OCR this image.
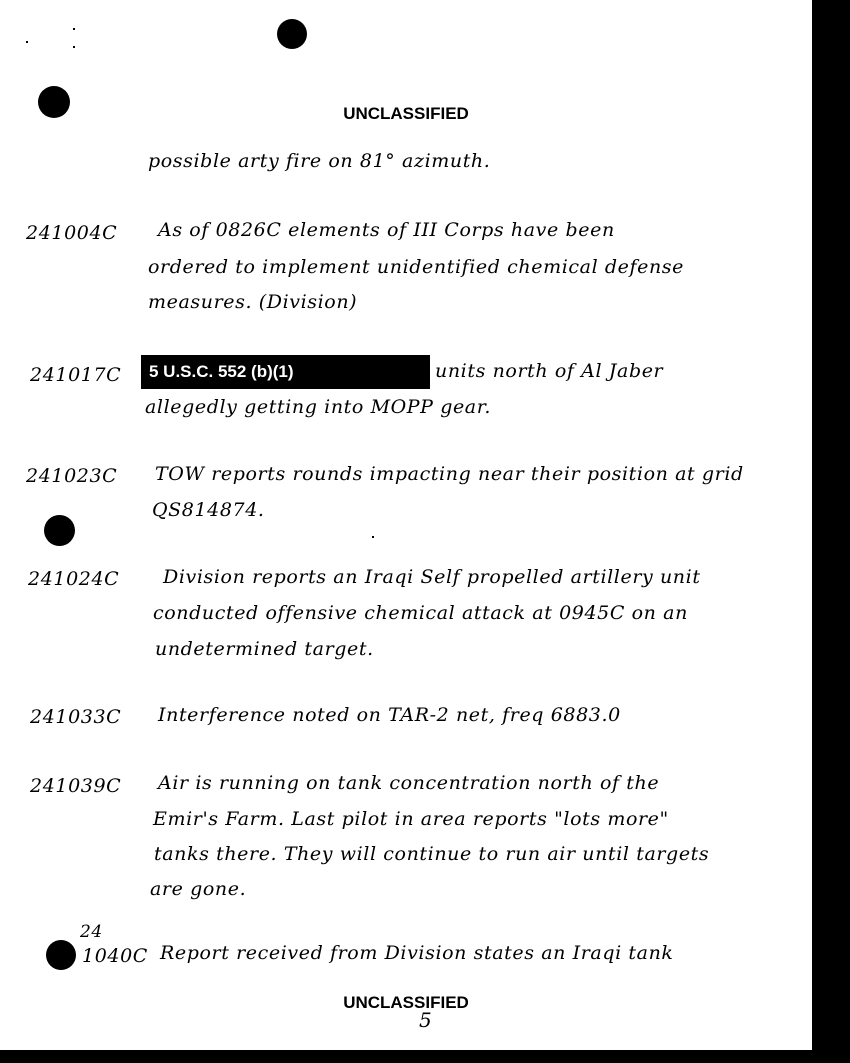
UNCLASSIFIED
possible arty fire on 81° azimuth.
241004C As of 0826C elements of III Corps have been
ordered to implement unidentified chemical defense
measures. (Division)
241017C	5 U.S.C. 552 (b)(1)	units north of Al Jaber
allegedly getting into MOPP gear.
241023C TOW reports rounds impacting near their position at grid
QS814874.
241024C Division reports an Iraqi Self propelled artillery unit
conducted offensive chemical attack at 0945C on an
undetermined target.
241033C Interference noted on TAR-2 net, freq 6883.0
241039C Air is running on tank concentration north of the
Emir's Farm. Last pilot in area reports "lots more"
tanks there. They will continue to run air until targets
are gone.
24
1040C Report received from Division states an Iraqi tank
UNCLASSIFIED
5
